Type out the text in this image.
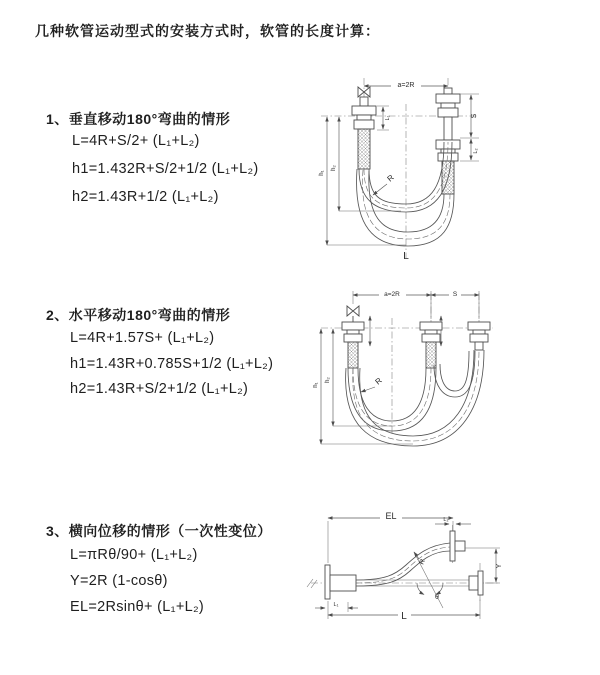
几种软管运动型式的安装方式时，软管的长度计算：
1、垂直移动180°弯曲的情形
L=4R+S/2+ (L₁+L₂)
h1=1.432R+S/2+1/2 (L₁+L₂)
h2=1.43R+1/2 (L₁+L₂)
2、水平移动180°弯曲的情形
L=4R+1.57S+ (L₁+L₂)
h1=1.43R+0.785S+1/2 (L₁+L₂)
h2=1.43R+S/2+1/2 (L₁+L₂)
3、横向位移的情形（一次性变位）
L=πRθ/90+ (L₁+L₂)
Y=2R (1-cosθ)
EL=2Rsinθ+ (L₁+L₂)
a=2R
S
L₂
L₁
h₁
h₂
R
L
a=2R	S
h₁
h₂	R
EL	L₂
Y
θ
R
L₁
L
